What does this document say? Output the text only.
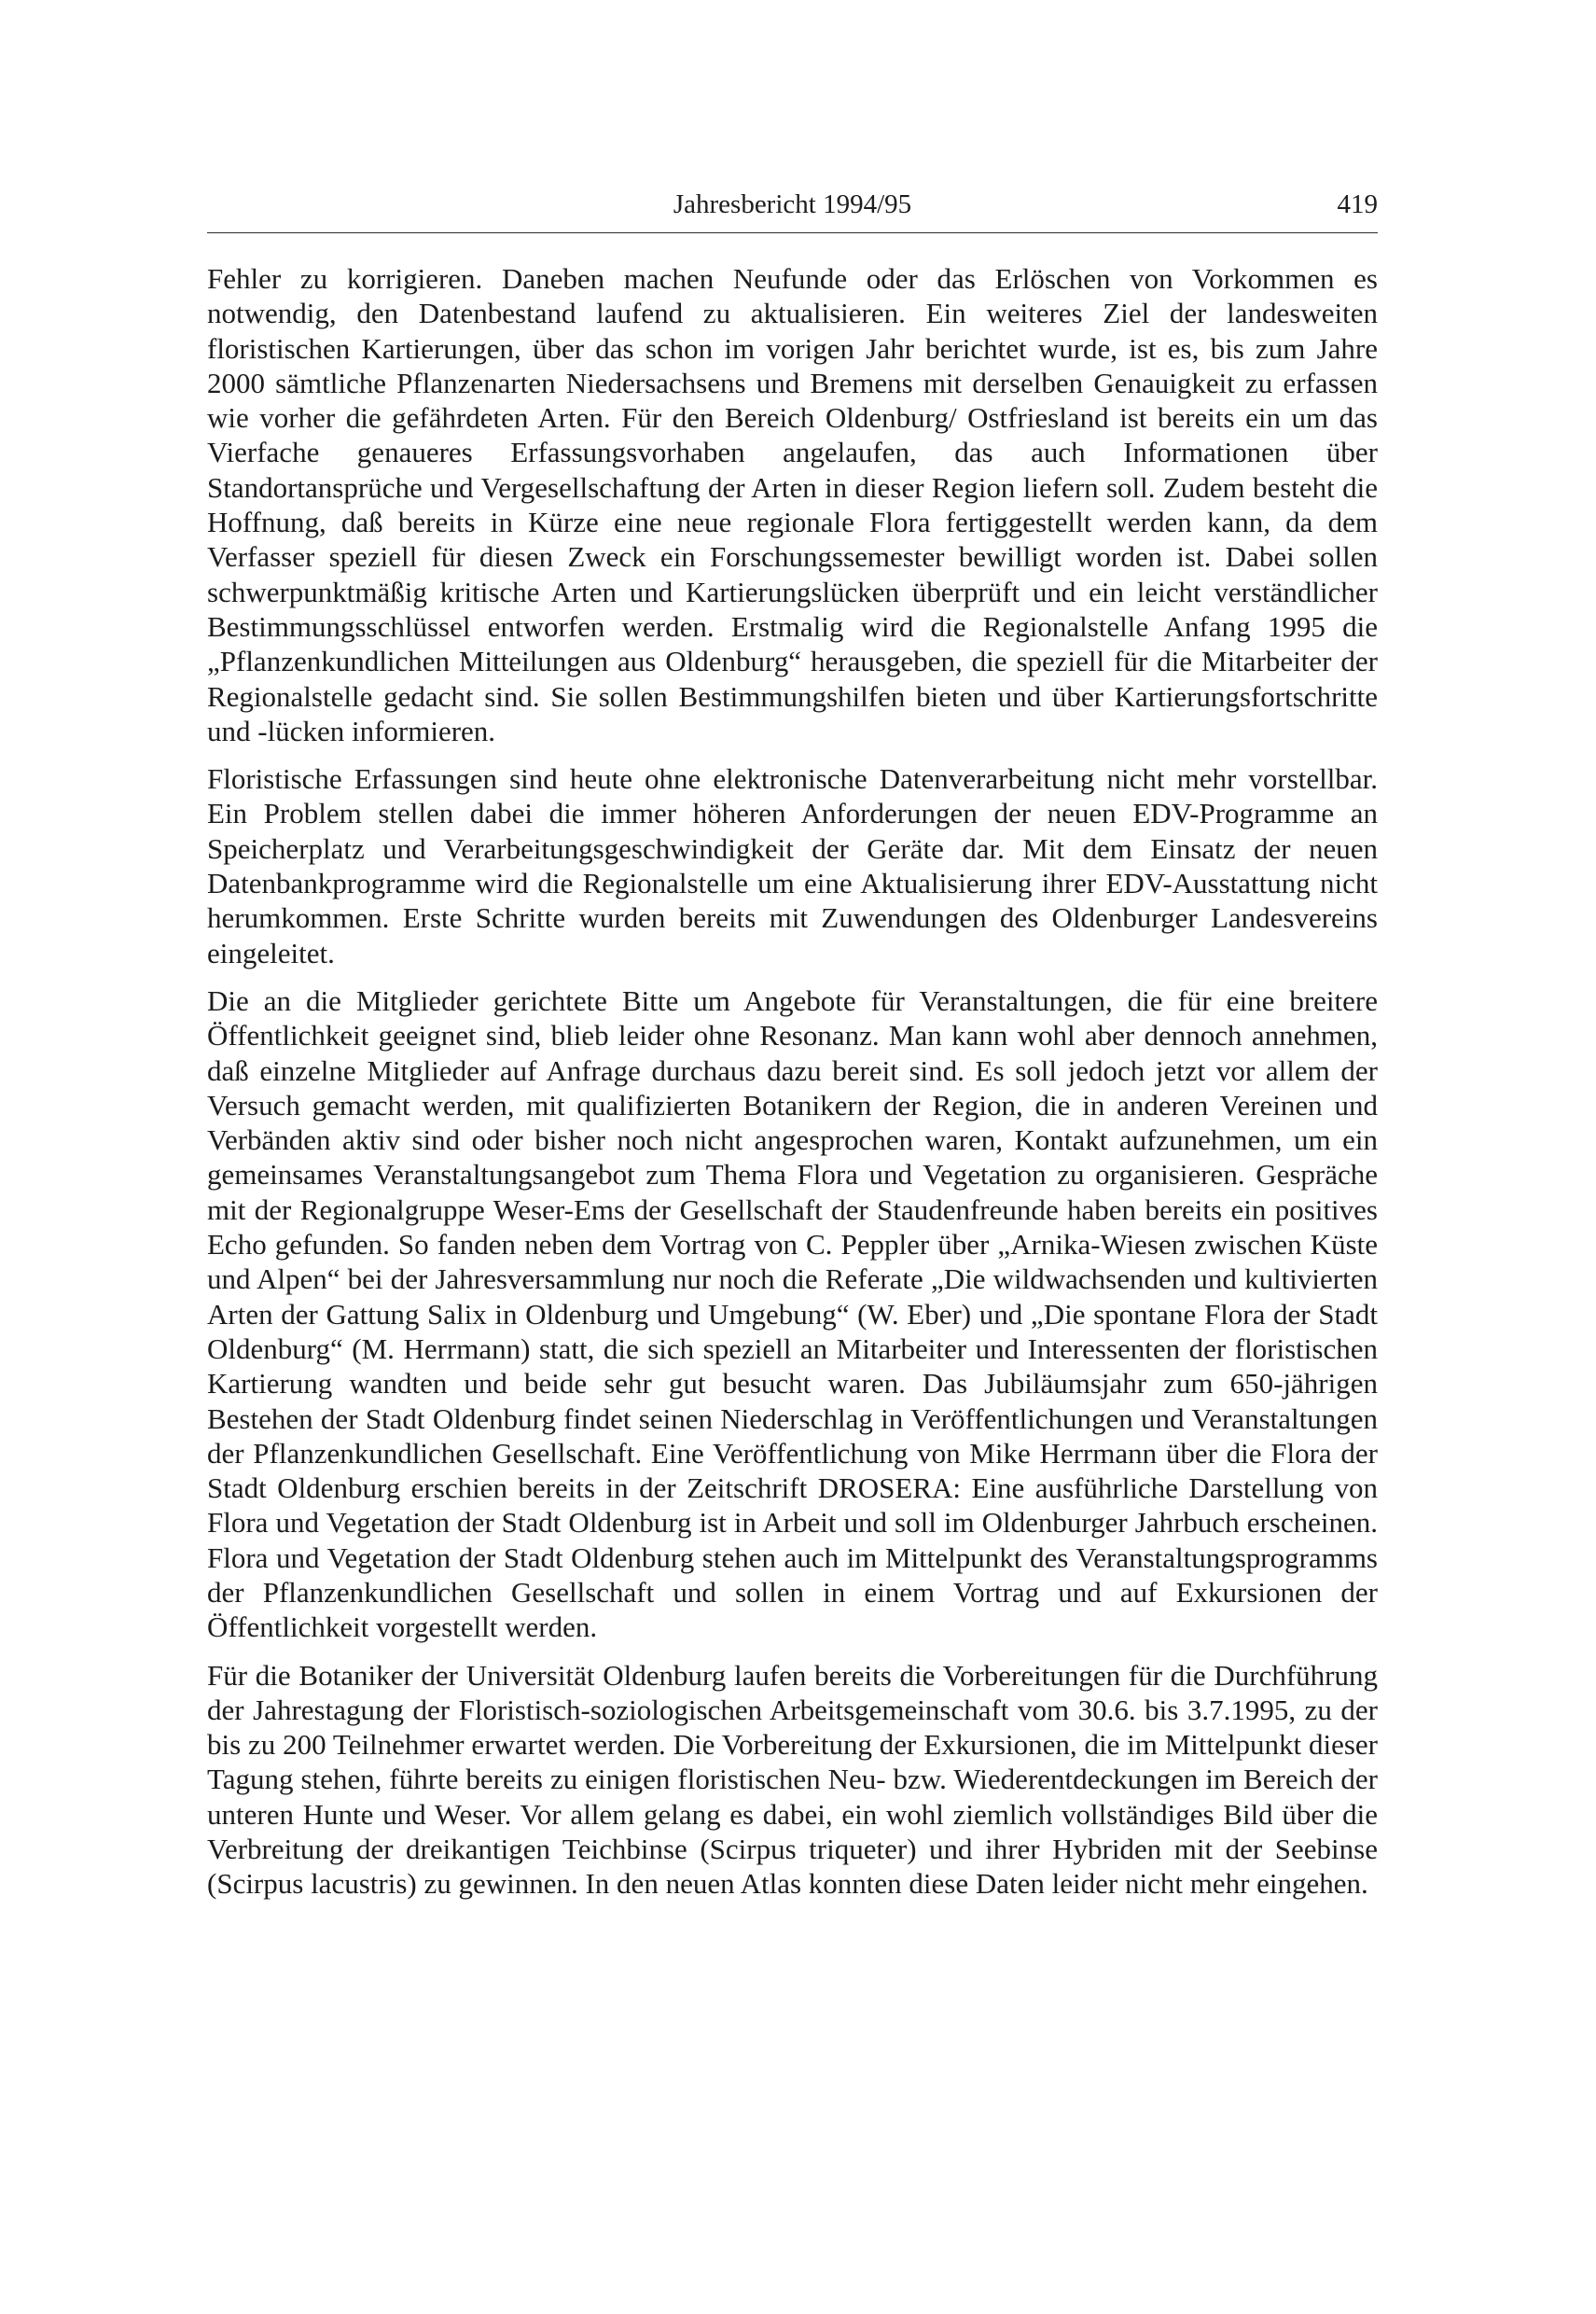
Jahresbericht 1994/95	419

Fehler zu korrigieren. Daneben machen Neufunde oder das Erlöschen von Vorkommen es notwendig, den Datenbestand laufend zu aktualisieren. Ein weiteres Ziel der landesweiten floristischen Kartierungen, über das schon im vorigen Jahr berichtet wurde, ist es, bis zum Jahre 2000 sämtliche Pflanzenarten Niedersachsens und Bremens mit derselben Genauigkeit zu erfassen wie vorher die gefährdeten Arten. Für den Bereich Oldenburg/ Ostfriesland ist bereits ein um das Vierfache genaueres Erfassungsvorhaben angelaufen, das auch Informationen über Standortansprüche und Vergesellschaftung der Arten in dieser Region liefern soll. Zudem besteht die Hoffnung, daß bereits in Kürze eine neue regionale Flora fertiggestellt werden kann, da dem Verfasser speziell für diesen Zweck ein Forschungssemester bewilligt worden ist. Dabei sollen schwerpunktmäßig kritische Arten und Kartierungslücken überprüft und ein leicht verständlicher Bestimmungsschlüssel entworfen werden. Erstmalig wird die Regionalstelle Anfang 1995 die „Pflanzenkundlichen Mitteilungen aus Oldenburg“ herausgeben, die speziell für die Mitarbeiter der Regionalstelle gedacht sind. Sie sollen Bestimmungshilfen bieten und über Kartierungsfortschritte und -lücken informieren.

Floristische Erfassungen sind heute ohne elektronische Datenverarbeitung nicht mehr vorstellbar. Ein Problem stellen dabei die immer höheren Anforderungen der neuen EDV-Programme an Speicherplatz und Verarbeitungsgeschwindigkeit der Geräte dar. Mit dem Einsatz der neuen Datenbankprogramme wird die Regionalstelle um eine Aktualisierung ihrer EDV-Ausstattung nicht herumkommen. Erste Schritte wurden bereits mit Zuwendungen des Oldenburger Landesvereins eingeleitet.

Die an die Mitglieder gerichtete Bitte um Angebote für Veranstaltungen, die für eine breitere Öffentlichkeit geeignet sind, blieb leider ohne Resonanz. Man kann wohl aber dennoch annehmen, daß einzelne Mitglieder auf Anfrage durchaus dazu bereit sind. Es soll jedoch jetzt vor allem der Versuch gemacht werden, mit qualifizierten Botanikern der Region, die in anderen Vereinen und Verbänden aktiv sind oder bisher noch nicht angesprochen waren, Kontakt aufzunehmen, um ein gemeinsames Veranstaltungsangebot zum Thema Flora und Vegetation zu organisieren. Gespräche mit der Regionalgruppe Weser-Ems der Gesellschaft der Staudenfreunde haben bereits ein positives Echo gefunden. So fanden neben dem Vortrag von C. Peppler über „Arnika-Wiesen zwischen Küste und Alpen“ bei der Jahresversammlung nur noch die Referate „Die wildwachsenden und kultivierten Arten der Gattung Salix in Oldenburg und Umgebung“ (W. Eber) und „Die spontane Flora der Stadt Oldenburg“ (M. Herrmann) statt, die sich speziell an Mitarbeiter und Interessenten der floristischen Kartierung wandten und beide sehr gut besucht waren. Das Jubiläumsjahr zum 650-jährigen Bestehen der Stadt Oldenburg findet seinen Niederschlag in Veröffentlichungen und Veranstaltungen der Pflanzenkundlichen Gesellschaft. Eine Veröffentlichung von Mike Herrmann über die Flora der Stadt Oldenburg erschien bereits in der Zeitschrift DROSERA: Eine ausführliche Darstellung von Flora und Vegetation der Stadt Oldenburg ist in Arbeit und soll im Oldenburger Jahrbuch erscheinen. Flora und Vegetation der Stadt Oldenburg stehen auch im Mittelpunkt des Veranstaltungsprogramms der Pflanzenkundlichen Gesellschaft und sollen in einem Vortrag und auf Exkursionen der Öffentlichkeit vorgestellt werden.

Für die Botaniker der Universität Oldenburg laufen bereits die Vorbereitungen für die Durchführung der Jahrestagung der Floristisch-soziologischen Arbeitsgemeinschaft vom 30.6. bis 3.7.1995, zu der bis zu 200 Teilnehmer erwartet werden. Die Vorbereitung der Exkursionen, die im Mittelpunkt dieser Tagung stehen, führte bereits zu einigen floristischen Neu- bzw. Wiederentdeckungen im Bereich der unteren Hunte und Weser. Vor allem gelang es dabei, ein wohl ziemlich vollständiges Bild über die Verbreitung der dreikantigen Teichbinse (Scirpus triqueter) und ihrer Hybriden mit der Seebinse (Scirpus lacustris) zu gewinnen. In den neuen Atlas konnten diese Daten leider nicht mehr eingehen.
